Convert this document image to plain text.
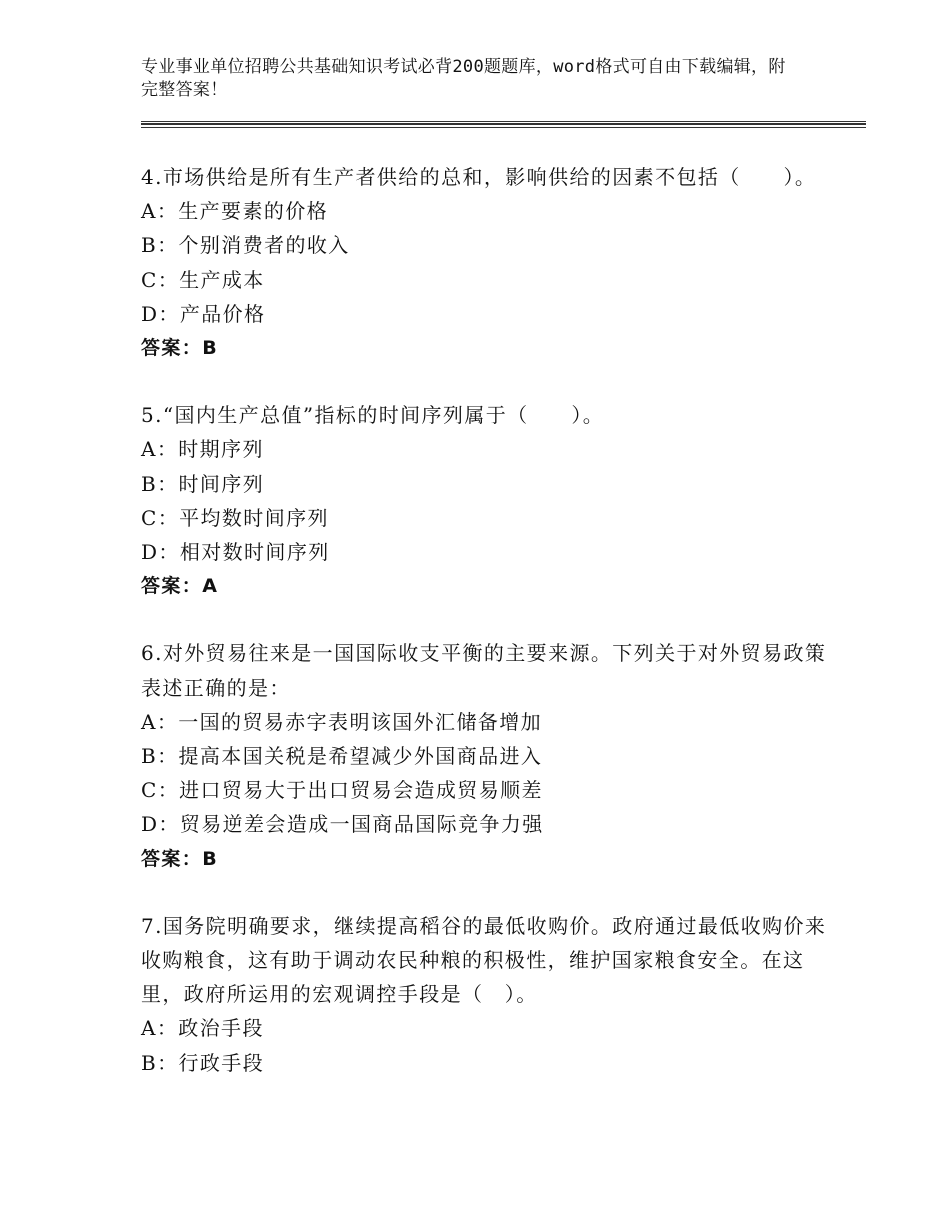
专业事业单位招聘公共基础知识考试必背200题题库，word格式可自由下载编辑，附完整答案！

4.市场供给是所有生产者供给的总和，影响供给的因素不包括（　　）。

A：生产要素的价格

B：个别消费者的收入

C：生产成本

D：产品价格

答案：B

5.“国内生产总值”指标的时间序列属于（　　）。

A：时期序列

B：时间序列

C：平均数时间序列

D：相对数时间序列

答案：A

6.对外贸易往来是一国国际收支平衡的主要来源。下列关于对外贸易政策表述正确的是：

A：一国的贸易赤字表明该国外汇储备增加

B：提高本国关税是希望减少外国商品进入

C：进口贸易大于出口贸易会造成贸易顺差

D：贸易逆差会造成一国商品国际竞争力强

答案：B

7.国务院明确要求，继续提高稻谷的最低收购价。政府通过最低收购价来收购粮食，这有助于调动农民种粮的积极性，维护国家粮食安全。在这里，政府所运用的宏观调控手段是（　）。

A：政治手段

B：行政手段
